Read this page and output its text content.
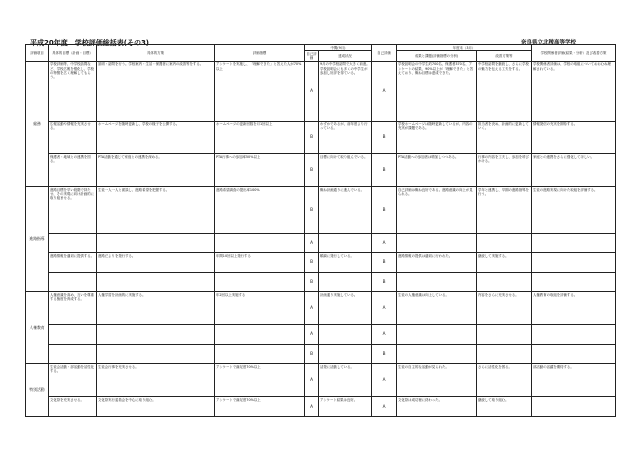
平成20年度　学校評価総括表(その3)	奈良県立北稜高等学校
評価項目	具体的目標（計画・目標）	具体的方策	評価指標	中間(9月)		自己評価	年度末（3月）		学校関係者評価(結果・分析）及び改善方策
				自己評価	達成状況		成果と課題(評価指標の分析)	改善方策等	
総務	学校評価等、中学校訪問など、学校広報を強化し、学校の特徴を広く理解してもらう。	説明・訪問を行う。学校案内・生活・保護者に案内の改善等をする。	アンケートを実施し、「理解できた」と答えた人が70%以上	A	9月の中学校訪問で大きく前進。学校説明会にも多くの中学生が参加し好評を得ている。	A	学校説明会の中学生約700名、保護者370名、アンケートの結果、90%以上が「理解できた」と答えており、概ね目標は達成できた。	中学校訪問を継続し、さらに学校の魅力を伝える工夫をする。	学校関係者評価は、学校の取組についておおむね理解されている。
	広報活動や情報を充実させる。	ホームページを随時更新し、学校の様子を公開する。	ホームページの更新回数を月1回以上	B	わずかであるが、前年度より行っている。	B	学校ホームページは随時更新しているが、内容の充実が課題である。	担当者を決め、計画的に更新していく。	情報発信の充実を期待する。
	保護者・地域との連携を図る。	PTA活動を通じて家庭との連携を深める。	PTA行事への参加率50%以上	B	目標に向けて取り組んでいる。	B	PTA活動への参加者は増加しつつある。	行事の内容を工夫し、参加を呼びかける。	家庭との連携をさらに強化してほしい。
進路指導	進路目標を早い段階で持たせ、その実現に向け計画的に取り組ませる。	生徒一人一人と面談し、進路希望を把握する。	進路希望調査の提出率100%	B	概ね計画通りに進んでいる。	B	自己評価は概ね良好である。進路意識の向上が見られる。	学年と連携し、早期の進路指導を行う。	生徒の進路実現に向けた取組を評価する。
				A		A			
	進路情報を適切に提供する。	進路だよりを発行する。	年間10回以上発行する	B	順調に発行している。	B	進路情報の提供は適切に行われた。	継続して実施する。	
				B		B			
人権教育	人権意識を高め、互いを尊重する態度を育成する。	人権学習を計画的に実施する。	年2回以上実施する	A	計画通り実施している。	A	生徒の人権意識は向上している。	内容をさらに充実させる。	人権教育の取組を評価する。
				A		A			
				B		B			
特別活動	生徒会活動・部活動を活性化する。	生徒会行事を充実させる。	アンケートで満足度70%以上	A	活発に活動している。	A	生徒の自主的な活動が見られた。	さらに活性化を図る。	部活動の活躍を期待する。
	文化祭を充実させる。	文化祭実行委員会を中心に取り組む。	アンケートで満足度70%以上	A	アンケート結果は良好。	A	文化祭は成功裡に終わった。	継続して取り組む。	
